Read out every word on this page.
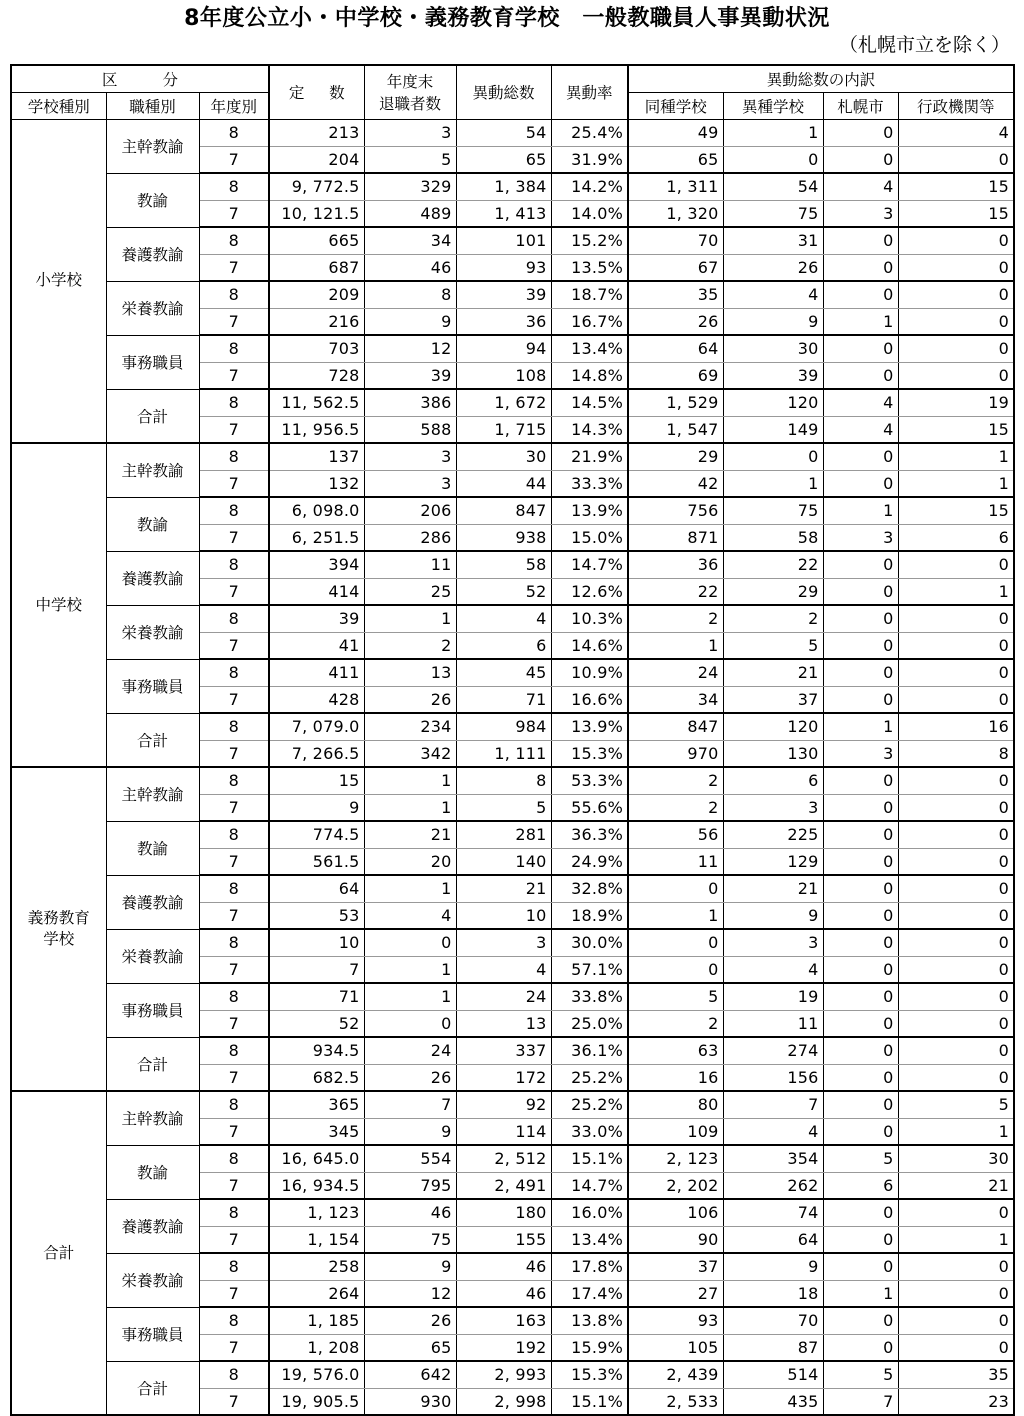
8年度公立小・中学校・義務教育学校　一般教職員人事異動状況
（札幌市立を除く）
区　　分			定　数	年度末
退職者数	異動総数	異動率	異動総数の内訳			
学校種別	職種別	年度別					同種学校	異種学校	札幌市	行政機関等

小学校	主幹教諭	8	213	3	54	25.4%	49	1	0	4
		7	204	5	65	31.9%	65	0	0	0
	教諭	8	9, 772.5	329	1, 384	14.2%	1, 311	54	4	15
		7	10, 121.5	489	1, 413	14.0%	1, 320	75	3	15
	養護教諭	8	665	34	101	15.2%	70	31	0	0
		7	687	46	93	13.5%	67	26	0	0
	栄養教諭	8	209	8	39	18.7%	35	4	0	0
		7	216	9	36	16.7%	26	9	1	0
	事務職員	8	703	12	94	13.4%	64	30	0	0
		7	728	39	108	14.8%	69	39	0	0
	合計	8	11, 562.5	386	1, 672	14.5%	1, 529	120	4	19
		7	11, 956.5	588	1, 715	14.3%	1, 547	149	4	15

中学校	主幹教諭	8	137	3	30	21.9%	29	0	0	1
		7	132	3	44	33.3%	42	1	0	1
	教諭	8	6, 098.0	206	847	13.9%	756	75	1	15
		7	6, 251.5	286	938	15.0%	871	58	3	6
	養護教諭	8	394	11	58	14.7%	36	22	0	0
		7	414	25	52	12.6%	22	29	0	1
	栄養教諭	8	39	1	4	10.3%	2	2	0	0
		7	41	2	6	14.6%	1	5	0	0
	事務職員	8	411	13	45	10.9%	24	21	0	0
		7	428	26	71	16.6%	34	37	0	0
	合計	8	7, 079.0	234	984	13.9%	847	120	1	16
		7	7, 266.5	342	1, 111	15.3%	970	130	3	8

義務教育
学校	主幹教諭	8	15	1	8	53.3%	2	6	0	0
		7	9	1	5	55.6%	2	3	0	0
	教諭	8	774.5	21	281	36.3%	56	225	0	0
		7	561.5	20	140	24.9%	11	129	0	0
	養護教諭	8	64	1	21	32.8%	0	21	0	0
		7	53	4	10	18.9%	1	9	0	0
	栄養教諭	8	10	0	3	30.0%	0	3	0	0
		7	7	1	4	57.1%	0	4	0	0
	事務職員	8	71	1	24	33.8%	5	19	0	0
		7	52	0	13	25.0%	2	11	0	0
	合計	8	934.5	24	337	36.1%	63	274	0	0
		7	682.5	26	172	25.2%	16	156	0	0

合計	主幹教諭	8	365	7	92	25.2%	80	7	0	5
		7	345	9	114	33.0%	109	4	0	1
	教諭	8	16, 645.0	554	2, 512	15.1%	2, 123	354	5	30
		7	16, 934.5	795	2, 491	14.7%	2, 202	262	6	21
	養護教諭	8	1, 123	46	180	16.0%	106	74	0	0
		7	1, 154	75	155	13.4%	90	64	0	1
	栄養教諭	8	258	9	46	17.8%	37	9	0	0
		7	264	12	46	17.4%	27	18	1	0
	事務職員	8	1, 185	26	163	13.8%	93	70	0	0
		7	1, 208	65	192	15.9%	105	87	0	0
	合計	8	19, 576.0	642	2, 993	15.3%	2, 439	514	5	35
		7	19, 905.5	930	2, 998	15.1%	2, 533	435	7	23
